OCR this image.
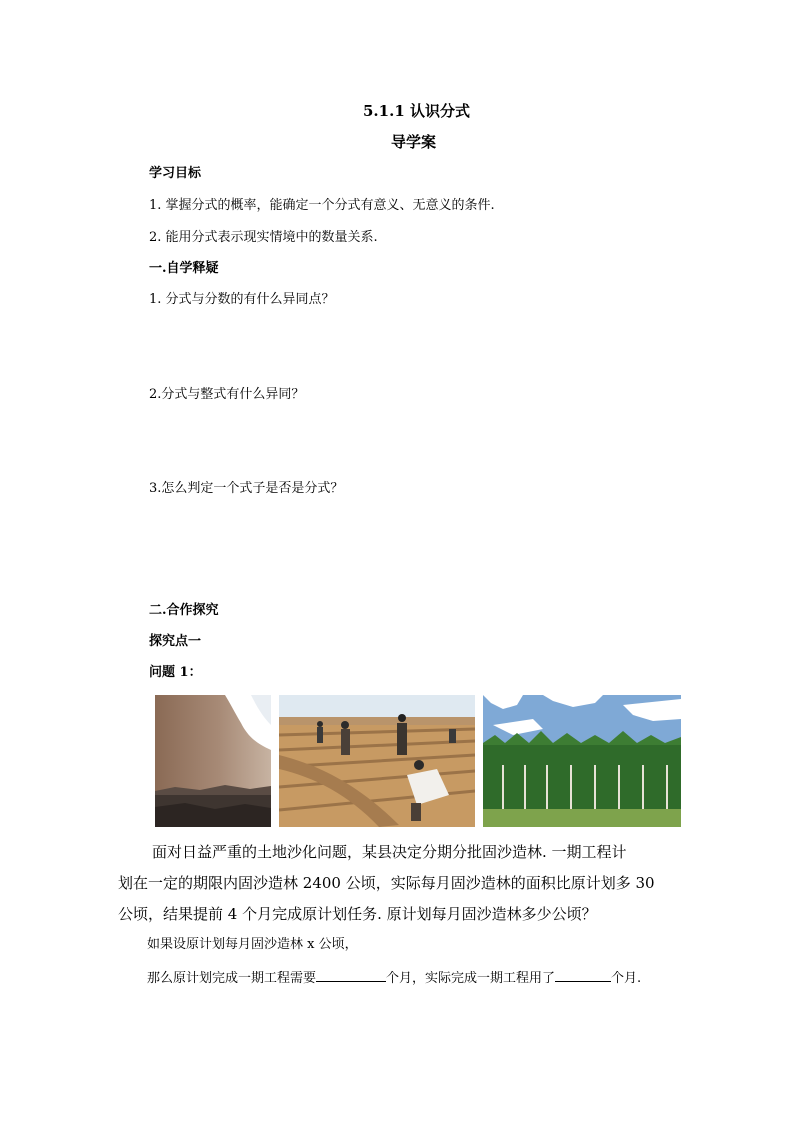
5.1.1 认识分式
导学案
学习目标
1. 掌握分式的概率，能确定一个分式有意义、无意义的条件.
2. 能用分式表示现实情境中的数量关系.
一.自学释疑
1. 分式与分数的有什么异同点？
2.分式与整式有什么异同？
3.怎么判定一个式子是否是分式？
二.合作探究
探究点一
问题 1：
面对日益严重的土地沙化问题，某县决定分期分批固沙造林. 一期工程计
划在一定的期限内固沙造林 2400 公顷，实际每月固沙造林的面积比原计划多 30
公顷，结果提前 4 个月完成原计划任务. 原计划每月固沙造林多少公顷？
如果设原计划每月固沙造林 x 公顷，
那么原计划完成一期工程需要	个月，实际完成一期工程用了	个月.
